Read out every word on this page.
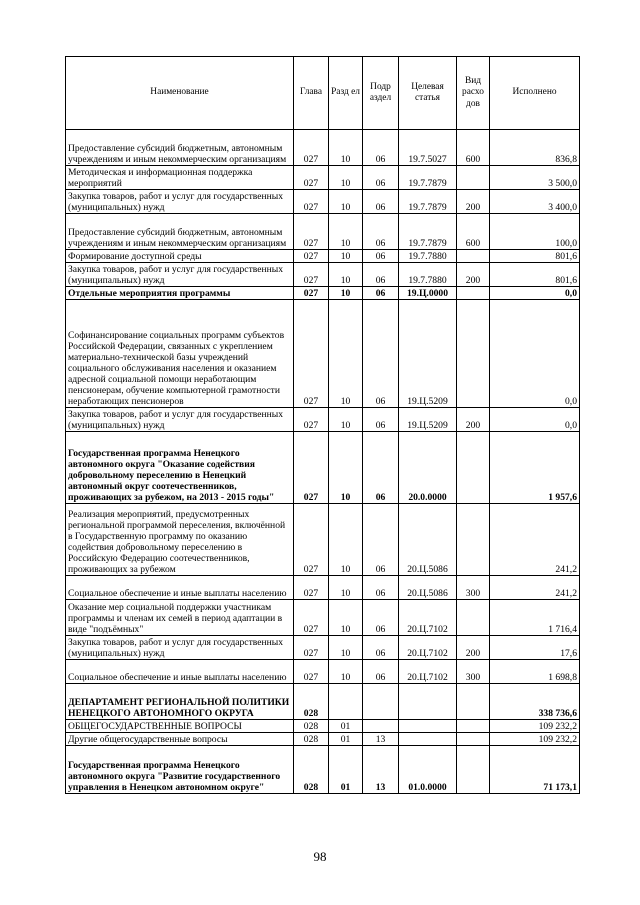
Наименование	Глава	Разд ел	Подр аздел	Целевая статья	Вид расхо дов	Исполнено
Предоставление субсидий бюджетным, автономным учреждениям и иным некоммерческим организациям	027	10	06	19.7.5027	600	836,8
Методическая и информационная поддержка мероприятий	027	10	06	19.7.7879		3 500,0
Закупка товаров, работ и услуг для государственных (муниципальных) нужд	027	10	06	19.7.7879	200	3 400,0
Предоставление субсидий бюджетным, автономным учреждениям и иным некоммерческим организациям	027	10	06	19.7.7879	600	100,0
Формирование доступной среды	027	10	06	19.7.7880		801,6
Закупка товаров, работ и услуг для государственных (муниципальных) нужд	027	10	06	19.7.7880	200	801,6
Отдельные мероприятия программы	027	10	06	19.Ц.0000		0,0
Софинансирование социальных программ субъектов Российской Федерации, связанных с укреплением материально-технической базы учреждений социального обслуживания населения и оказанием адресной социальной помощи неработающим пенсионерам, обучение компьютерной грамотности неработающих пенсионеров	027	10	06	19.Ц.5209		0,0
Закупка товаров, работ и услуг для государственных (муниципальных) нужд	027	10	06	19.Ц.5209	200	0,0
Государственная программа Ненецкого автономного округа "Оказание содействия добровольному переселению в Ненецкий автономный округ соотечественников, проживающих за рубежом, на 2013 - 2015 годы"	027	10	06	20.0.0000		1 957,6
Реализация мероприятий, предусмотренных региональной программой переселения, включённой в Государственную программу по оказанию содействия добровольному переселению в Российскую Федерацию соотечественников, проживающих за рубежом	027	10	06	20.Ц.5086		241,2
Социальное обеспечение и иные выплаты населению	027	10	06	20.Ц.5086	300	241,2
Оказание мер социальной поддержки участникам программы и членам их семей в период адаптации в виде "подъёмных"	027	10	06	20.Ц.7102		1 716,4
Закупка товаров, работ и услуг для государственных (муниципальных) нужд	027	10	06	20.Ц.7102	200	17,6
Социальное обеспечение и иные выплаты населению	027	10	06	20.Ц.7102	300	1 698,8
ДЕПАРТАМЕНТ РЕГИОНАЛЬНОЙ ПОЛИТИКИ НЕНЕЦКОГО АВТОНОМНОГО ОКРУГА	028					338 736,6
ОБЩЕГОСУДАРСТВЕННЫЕ ВОПРОСЫ	028	01				109 232,2
Другие общегосударственные вопросы	028	01	13			109 232,2
Государственная программа Ненецкого автономного округа "Развитие государственного управления в Ненецком автономном округе"	028	01	13	01.0.0000		71 173,1
98
